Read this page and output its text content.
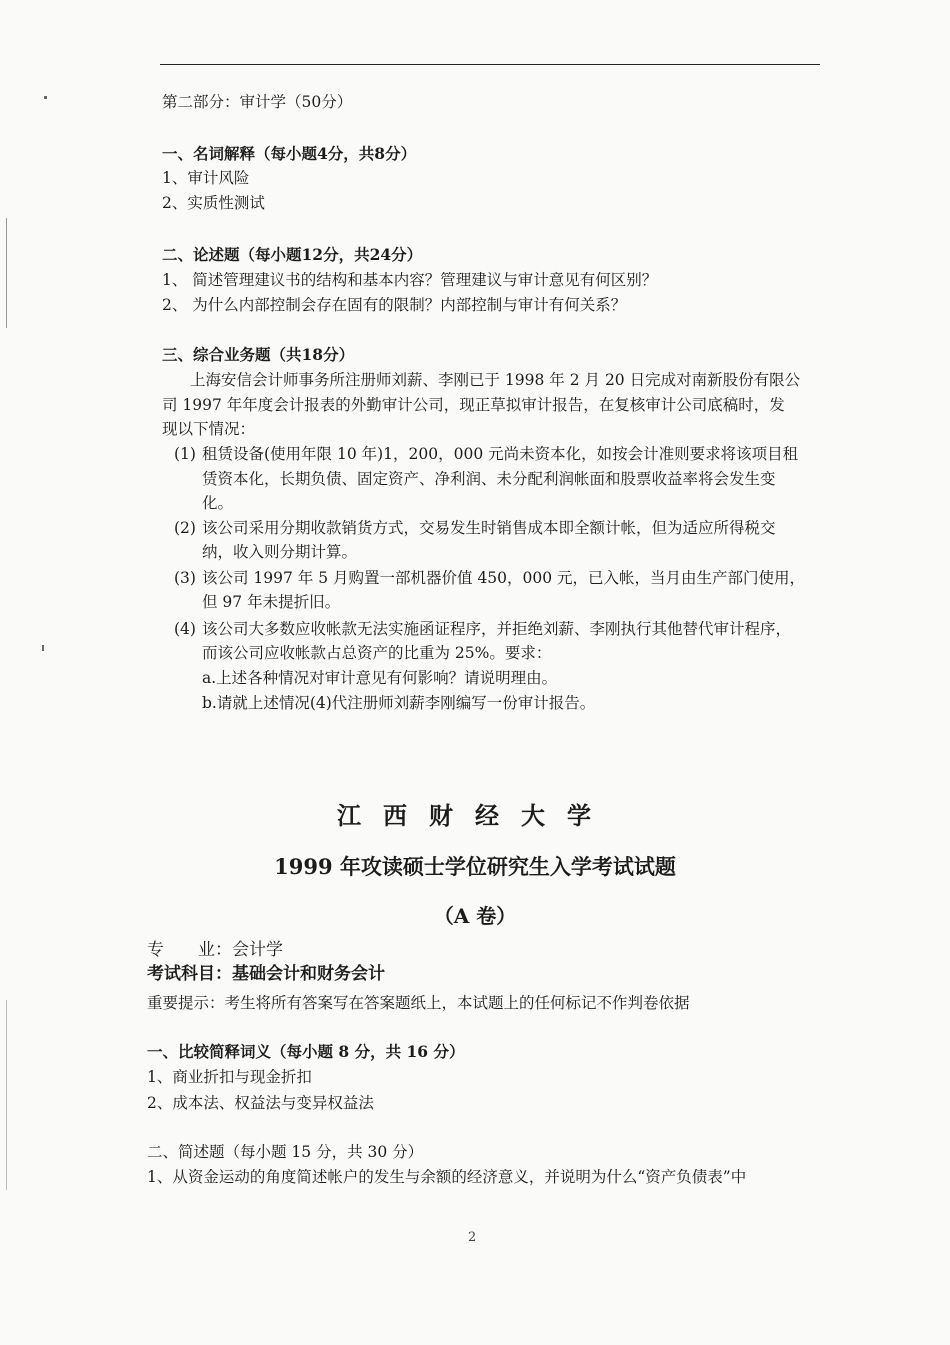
第二部分：审计学（50分）
一、名词解释（每小题4分，共8分）
1、审计风险
2、实质性测试
二、论述题（每小题12分，共24分）
1、 简述管理建议书的结构和基本内容？管理建议与审计意见有何区别？
2、 为什么内部控制会存在固有的限制？内部控制与审计有何关系？
三、综合业务题（共18分）
上海安信会计师事务所注册师刘薪、李刚已于 1998 年 2 月 20 日完成对南新股份有限公
司 1997 年年度会计报表的外勤审计公司，现正草拟审计报告，在复核审计公司底稿时，发
现以下情况：
(1) 租赁设备(使用年限 10 年)1，200，000 元尚未资本化，如按会计准则要求将该项目租
赁资本化，长期负债、固定资产、净利润、未分配利润帐面和股票收益率将会发生变
化。
(2) 该公司采用分期收款销货方式，交易发生时销售成本即全额计帐，但为适应所得税交
纳，收入则分期计算。
(3) 该公司 1997 年 5 月购置一部机器价值 450，000 元，已入帐，当月由生产部门使用，
但 97 年未提折旧。
(4) 该公司大多数应收帐款无法实施函证程序，并拒绝刘薪、李刚执行其他替代审计程序，
而该公司应收帐款占总资产的比重为 25%。要求：
a.上述各种情况对审计意见有何影响？请说明理由。
b.请就上述情况(4)代注册师刘薪李刚编写一份审计报告。
江西财经大学
1999 年攻读硕士学位研究生入学考试试题
（A 卷）
专　　业：会计学
考试科目：基础会计和财务会计
重要提示：考生将所有答案写在答案题纸上，本试题上的任何标记不作判卷依据
一、比较简释词义（每小题 8 分，共 16 分）
1、商业折扣与现金折扣
2、成本法、权益法与变异权益法
二、简述题（每小题 15 分，共 30 分）
1、从资金运动的角度简述帐户的发生与余额的经济意义，并说明为什么“资产负债表”中
2
